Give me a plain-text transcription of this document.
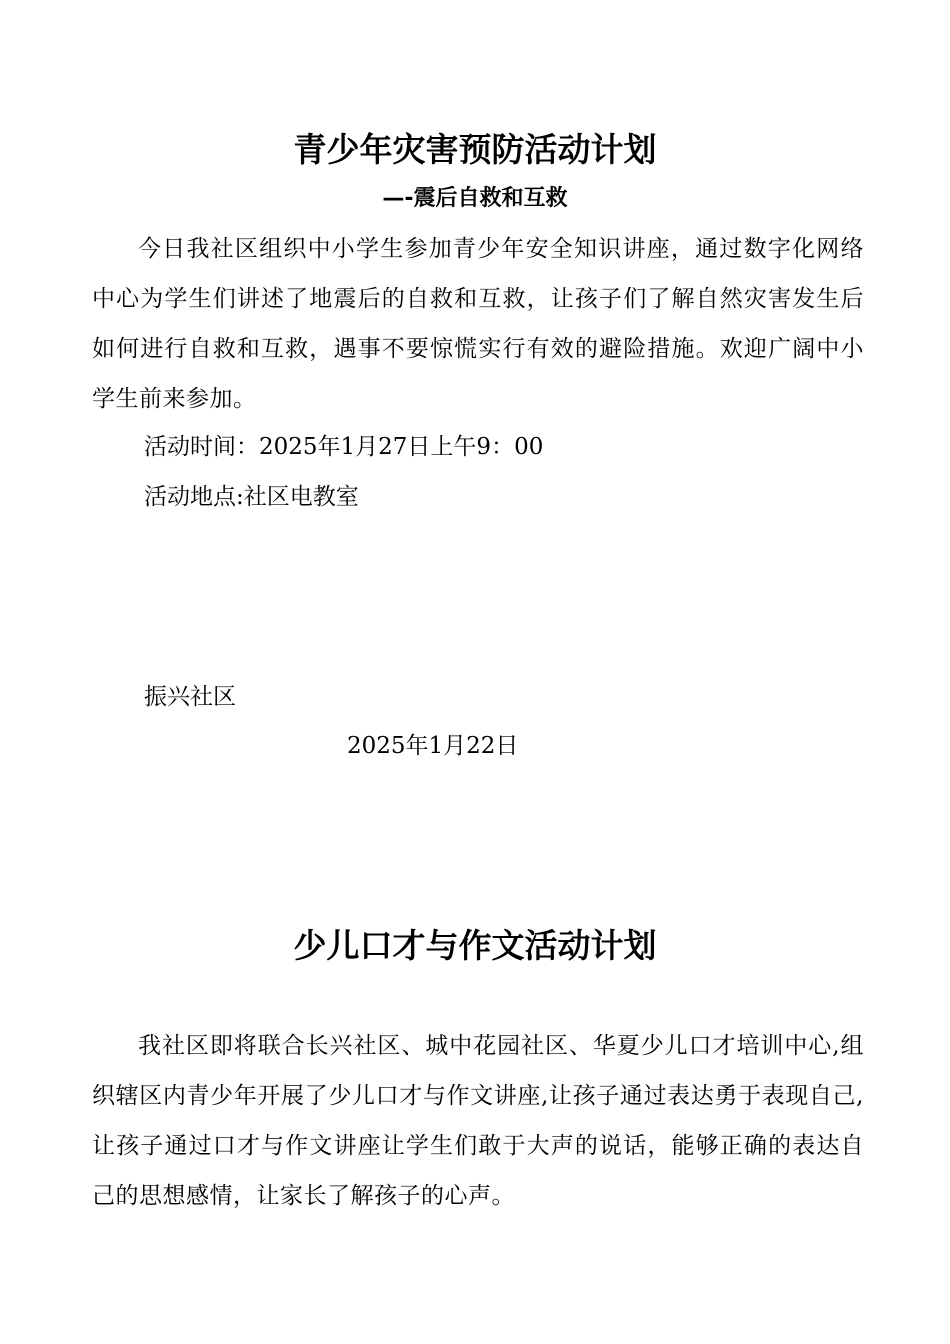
青少年灾害预防活动计划
—-震后自救和互救

今日我社区组织中小学生参加青少年安全知识讲座，通过数字化网络中心为学生们讲述了地震后的自救和互救，让孩子们了解自然灾害发生后如何进行自救和互救，遇事不要惊慌实行有效的避险措施。欢迎广阔中小学生前来参加。

活动时间：2025年1月27日上午9：00

活动地点:社区电教室

振兴社区

2025年1月22日

少儿口才与作文活动计划

我社区即将联合长兴社区、城中花园社区、华夏少儿口才培训中心,组织辖区内青少年开展了少儿口才与作文讲座,让孩子通过表达勇于表现自己,让孩子通过口才与作文讲座让学生们敢于大声的说话，能够正确的表达自己的思想感情，让家长了解孩子的心声。
